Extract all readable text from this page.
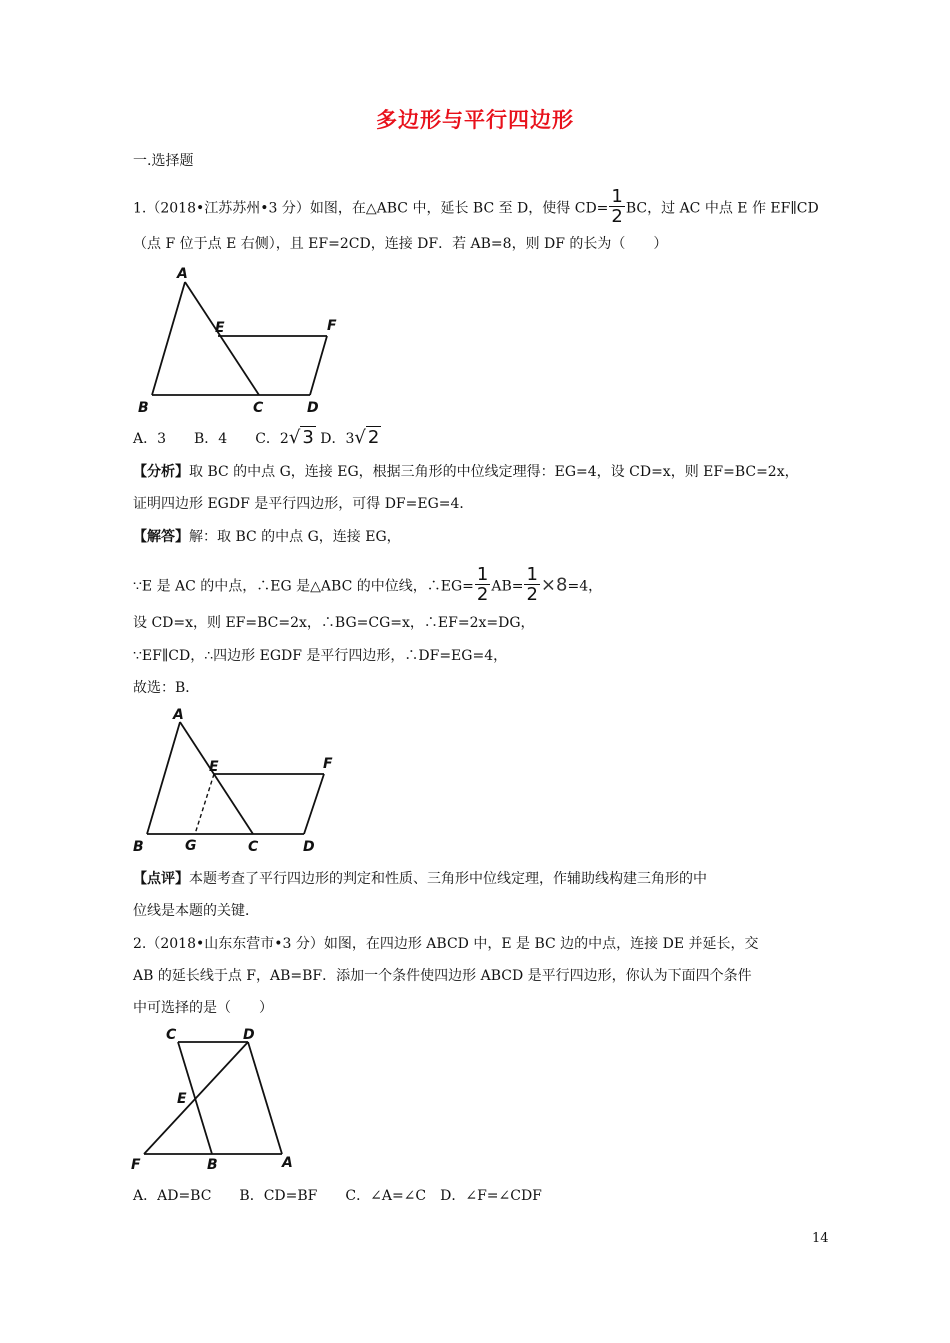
多边形与平行四边形
一.选择题
1.（2018•江苏苏州•3 分）如图，在△ABC 中，延长 BC 至 D，使得 $CD= \frac{1}{2}$ BC，过 AC 中点 E 作 EF∥CD
（点 F 位于点 E 右侧），且 EF=2CD，连接 DF．若 AB=8，则 DF 的长为（　　）
A
B	C	D
E	F
A．3　　B．4　　C．2√ 3 D．3√ 2
【分析】取 BC 的中点 G，连接 EG，根据三角形的中位线定理得：EG=4，设 CD=x，则 EF=BC=2x，
证明四边形 EGDF 是平行四边形，可得 DF=EG=4．
【解答】解：取 BC 的中点 G，连接 EG，
∵E 是 AC 的中点，∴EG 是△ABC 的中位线，∴EG= $\frac{1}{2} AB= \frac{1}{2} \times 8=4$，
设 CD=x，则 EF=BC=2x，∴BG=CG=x，∴EF=2x=DG，
∵EF∥CD，∴四边形 EGDF 是平行四边形，∴DF=EG=4，
故选：B．
A
B	G	C	D
E	F
【点评】本题考查了平行四边形的判定和性质、三角形中位线定理，作辅助线构建三角形的中
位线是本题的关键．
2.（2018•山东东营市•3 分）如图，在四边形 ABCD 中，E 是 BC 边的中点，连接 DE 并延长，交
AB 的延长线于点 F，AB=BF．添加一个条件使四边形 ABCD 是平行四边形，你认为下面四个条件
中可选择的是（　　）
C	D
E
F	B	A
A．AD=BC　　B．CD=BF　　C．∠A=∠C　D．∠F=∠CDF
14
